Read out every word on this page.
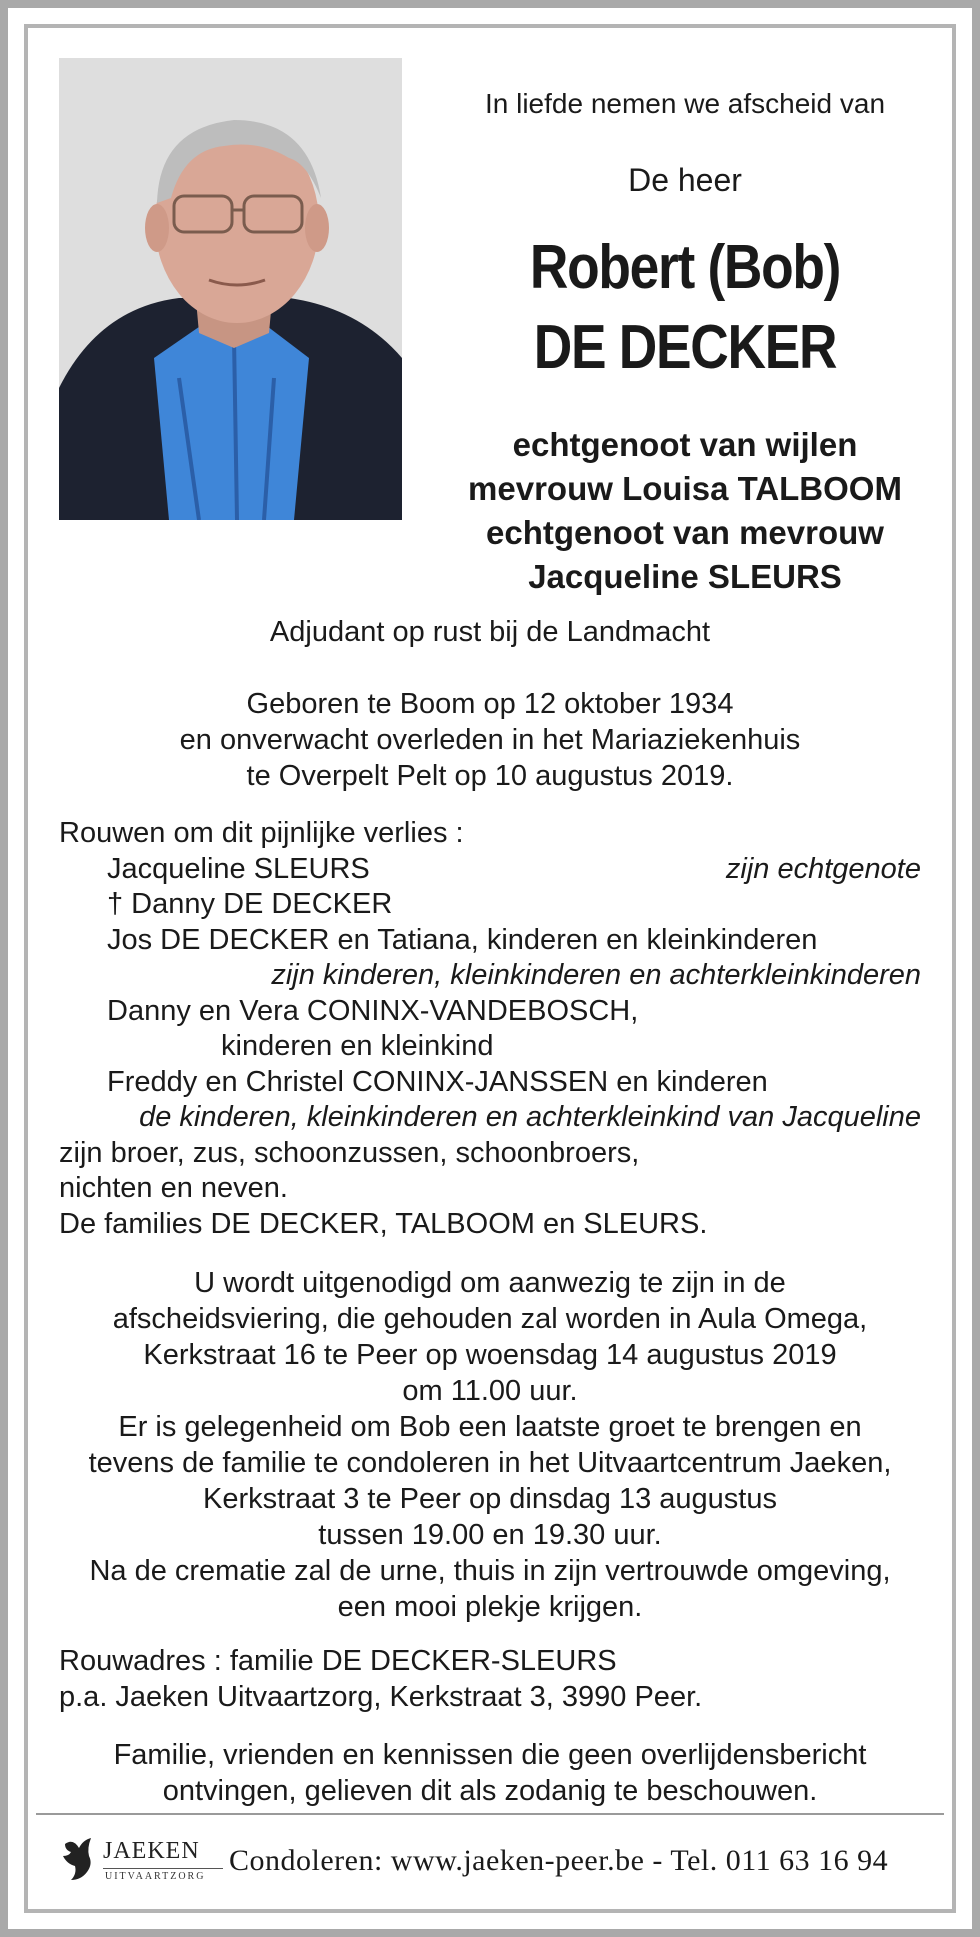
In liefde nemen we afscheid van
De heer
Robert (Bob)
DE DECKER
echtgenoot van wijlen
mevrouw Louisa TALBOOM
echtgenoot van mevrouw
Jacqueline SLEURS
Adjudant op rust bij de Landmacht
Geboren te Boom op 12 oktober 1934
en onverwacht overleden in het Mariaziekenhuis
te Overpelt Pelt op 10 augustus 2019.
Rouwen om dit pijnlijke verlies :
Jacqueline SLEURS	zijn echtgenote
† Danny DE DECKER
Jos DE DECKER en Tatiana, kinderen en kleinkinderen
zijn kinderen, kleinkinderen en achterkleinkinderen
Danny en Vera CONINX-VANDEBOSCH,
kinderen en kleinkind
Freddy en Christel CONINX-JANSSEN en kinderen
de kinderen, kleinkinderen en achterkleinkind van Jacqueline
zijn broer, zus, schoonzussen, schoonbroers,
nichten en neven.
De families DE DECKER, TALBOOM en SLEURS.
U wordt uitgenodigd om aanwezig te zijn in de
afscheidsviering, die gehouden zal worden in Aula Omega,
Kerkstraat 16 te Peer op woensdag 14 augustus 2019
om 11.00 uur.
Er is gelegenheid om Bob een laatste groet te brengen en
tevens de familie te condoleren in het Uitvaartcentrum Jaeken,
Kerkstraat 3 te Peer op dinsdag 13 augustus
tussen 19.00 en 19.30 uur.
Na de crematie zal de urne, thuis in zijn vertrouwde omgeving,
een mooi plekje krijgen.
Rouwadres : familie DE DECKER-SLEURS
p.a. Jaeken Uitvaartzorg, Kerkstraat 3, 3990 Peer.
Familie, vrienden en kennissen die geen overlijdensbericht
ontvingen, gelieven dit als zodanig te beschouwen.
JAEKEN
UITVAARTZORG Condoleren: www.jaeken-peer.be - Tel. 011 63 16 94
